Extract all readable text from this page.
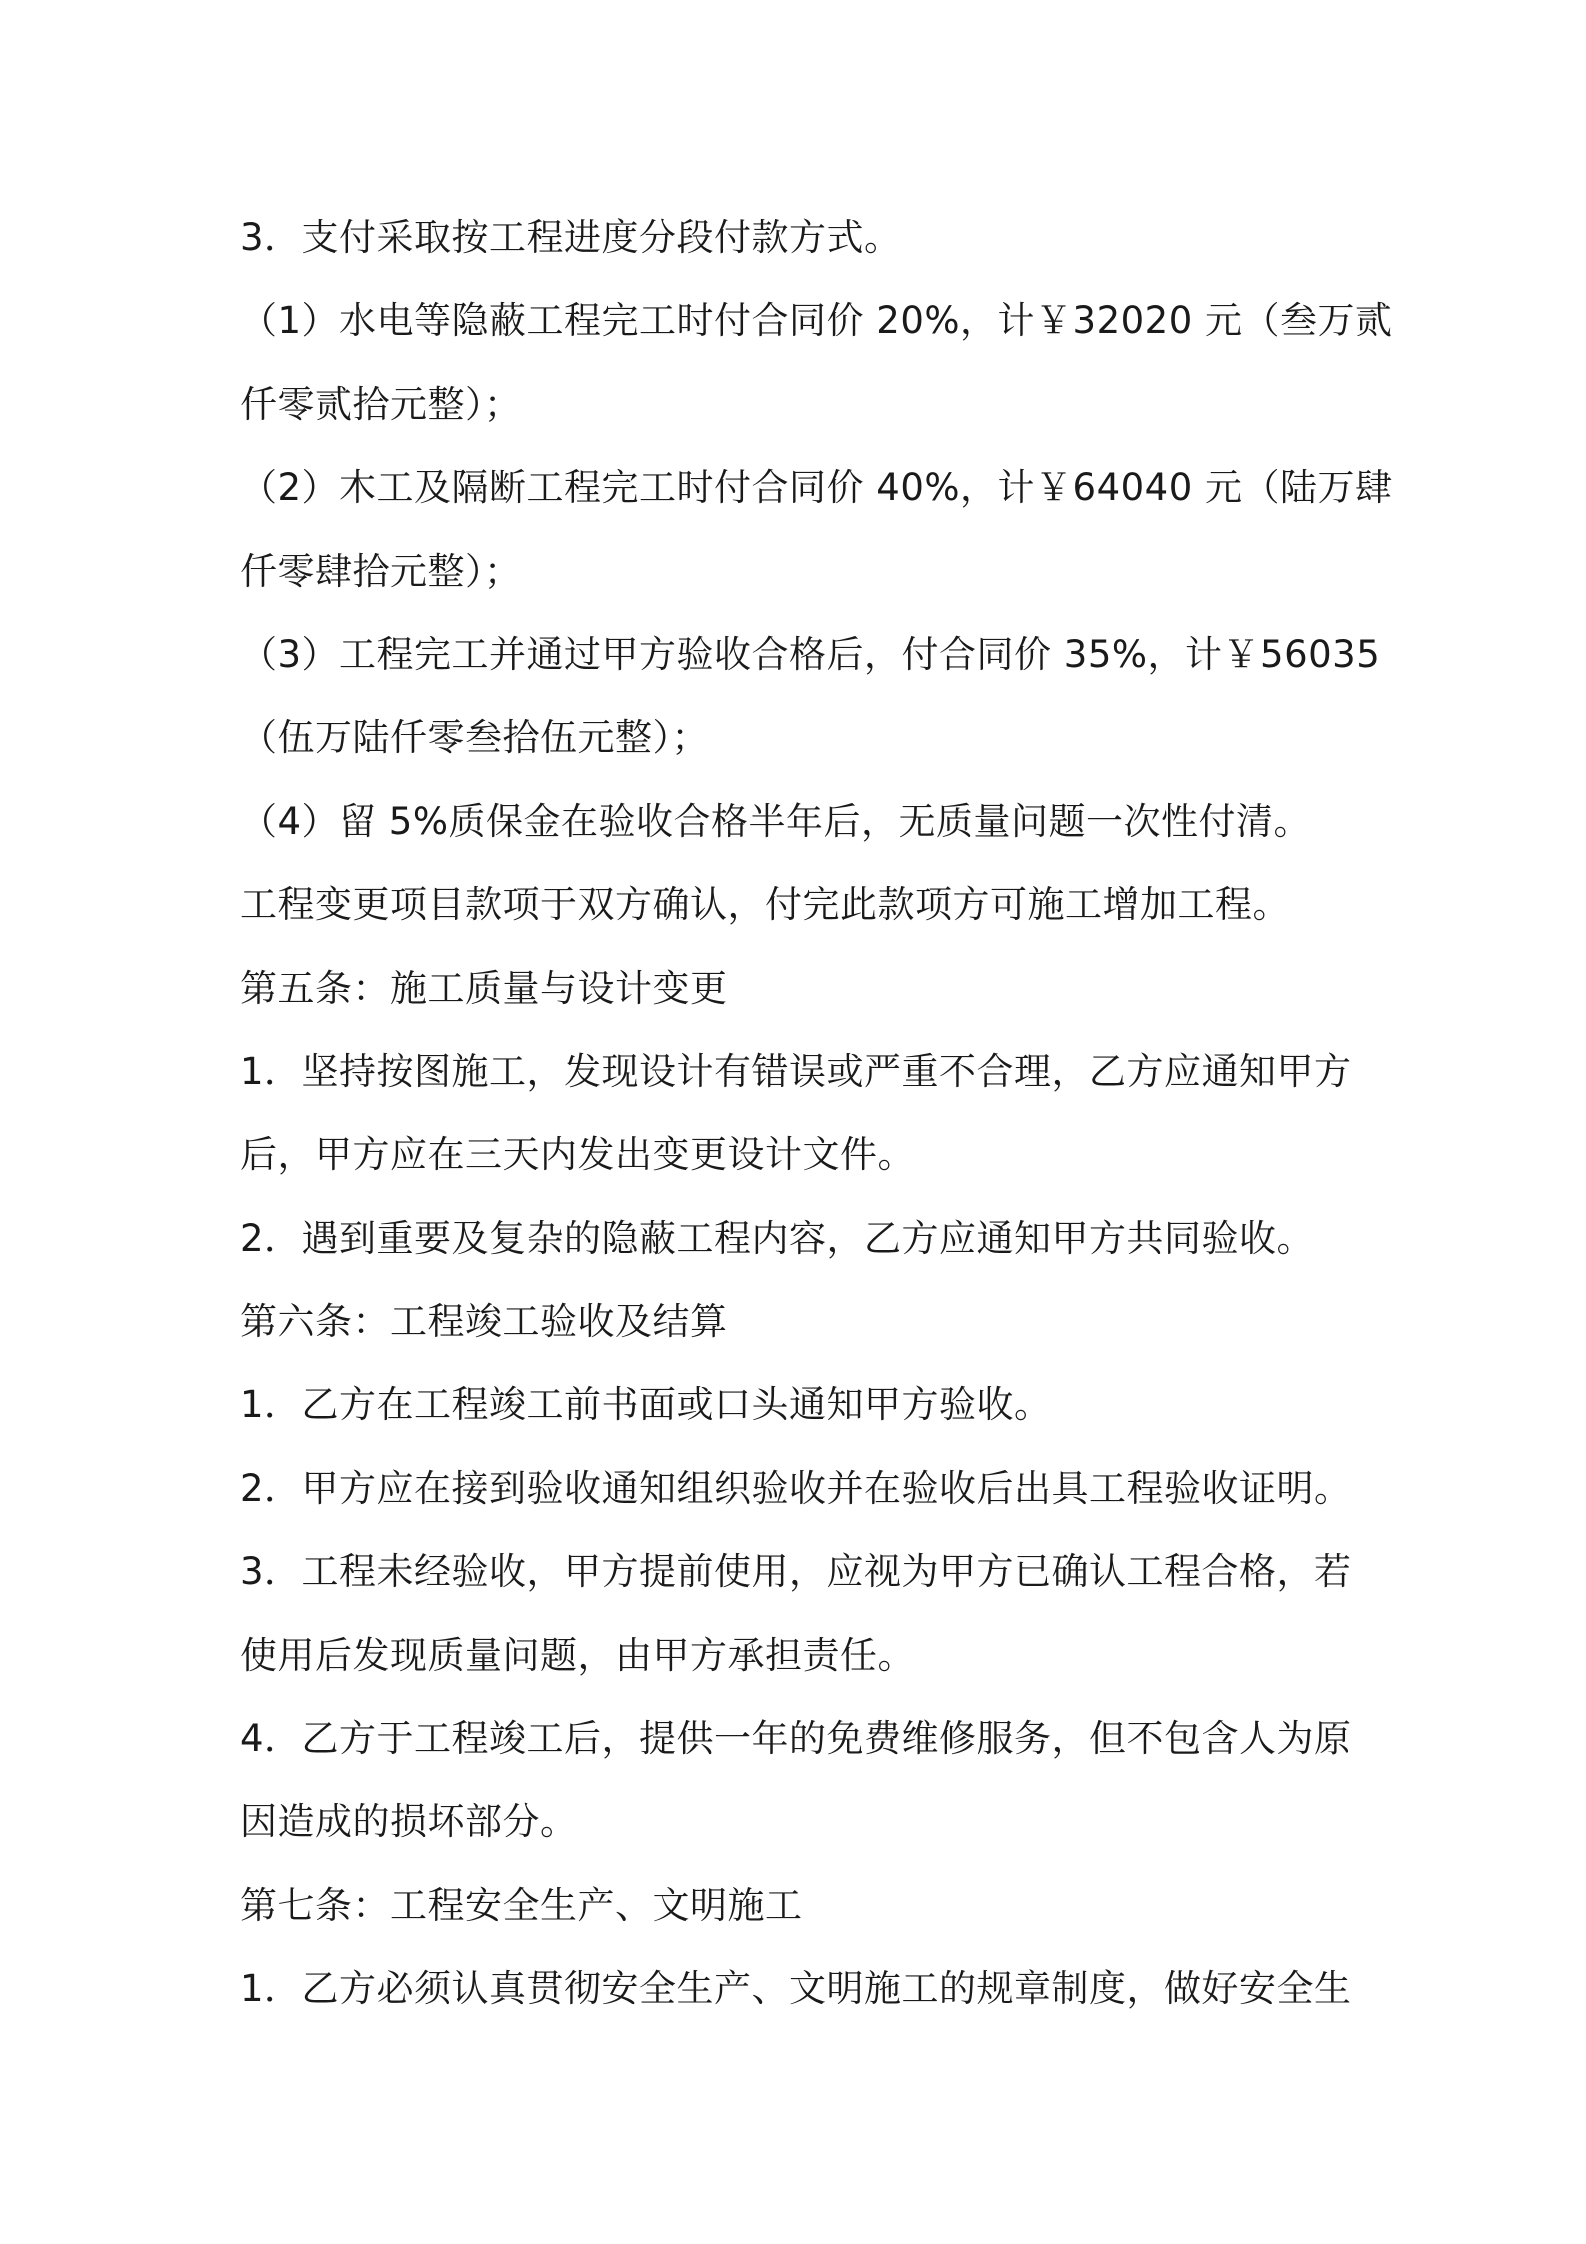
3．支付采取按工程进度分段付款方式。
（1）水电等隐蔽工程完工时付合同价 20%，计￥32020 元（叁万贰
仟零贰拾元整）；
（2）木工及隔断工程完工时付合同价 40%，计￥64040 元（陆万肆
仟零肆拾元整）；
（3）工程完工并通过甲方验收合格后，付合同价 35%，计￥56035
（伍万陆仟零叁拾伍元整）；
（4）留 5%质保金在验收合格半年后，无质量问题一次性付清。
工程变更项目款项于双方确认，付完此款项方可施工增加工程。
第五条：施工质量与设计变更
1．坚持按图施工，发现设计有错误或严重不合理，乙方应通知甲方
后，甲方应在三天内发出变更设计文件。
2．遇到重要及复杂的隐蔽工程内容，乙方应通知甲方共同验收。
第六条：工程竣工验收及结算
1．乙方在工程竣工前书面或口头通知甲方验收。
2．甲方应在接到验收通知组织验收并在验收后出具工程验收证明。
3．工程未经验收，甲方提前使用，应视为甲方已确认工程合格，若
使用后发现质量问题，由甲方承担责任。
4．乙方于工程竣工后，提供一年的免费维修服务，但不包含人为原
因造成的损坏部分。
第七条：工程安全生产、文明施工
1．乙方必须认真贯彻安全生产、文明施工的规章制度，做好安全生
